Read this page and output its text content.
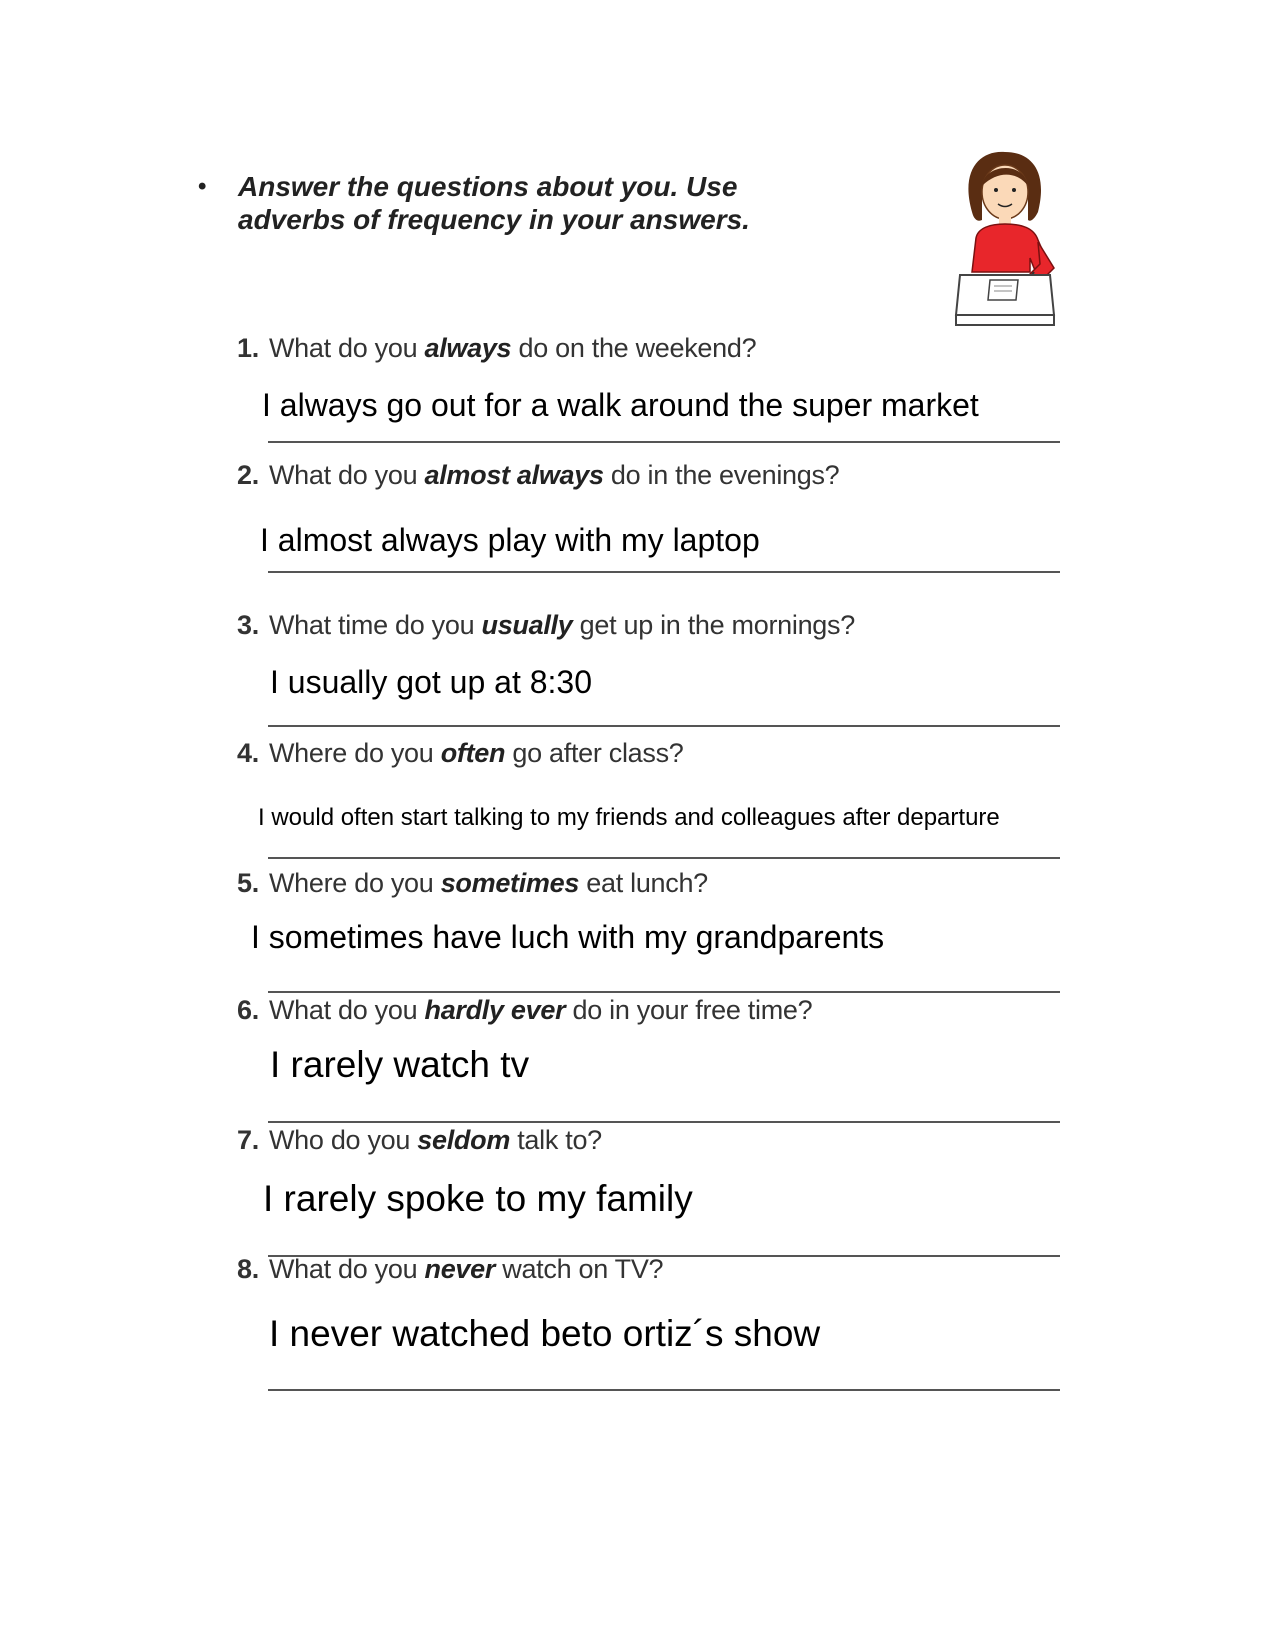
•	Answer the questions about you. Use adverbs of frequency in your answers.
1. What do you always do on the weekend?
I always go out for a walk around the super market
2. What do you almost always do in the evenings?
I almost always play with my laptop
3. What time do you usually get up in the mornings?
I usually got up at 8:30
4. Where do you often go after class?
I would often start talking to my friends and colleagues after departure
5. Where do you sometimes eat lunch?
I sometimes have luch with my grandparents
6. What do you hardly ever do in your free time?
I rarely watch tv
7. Who do you seldom talk to?
I rarely spoke to my family
8. What do you never watch on TV?
I never watched beto ortiz´s show
